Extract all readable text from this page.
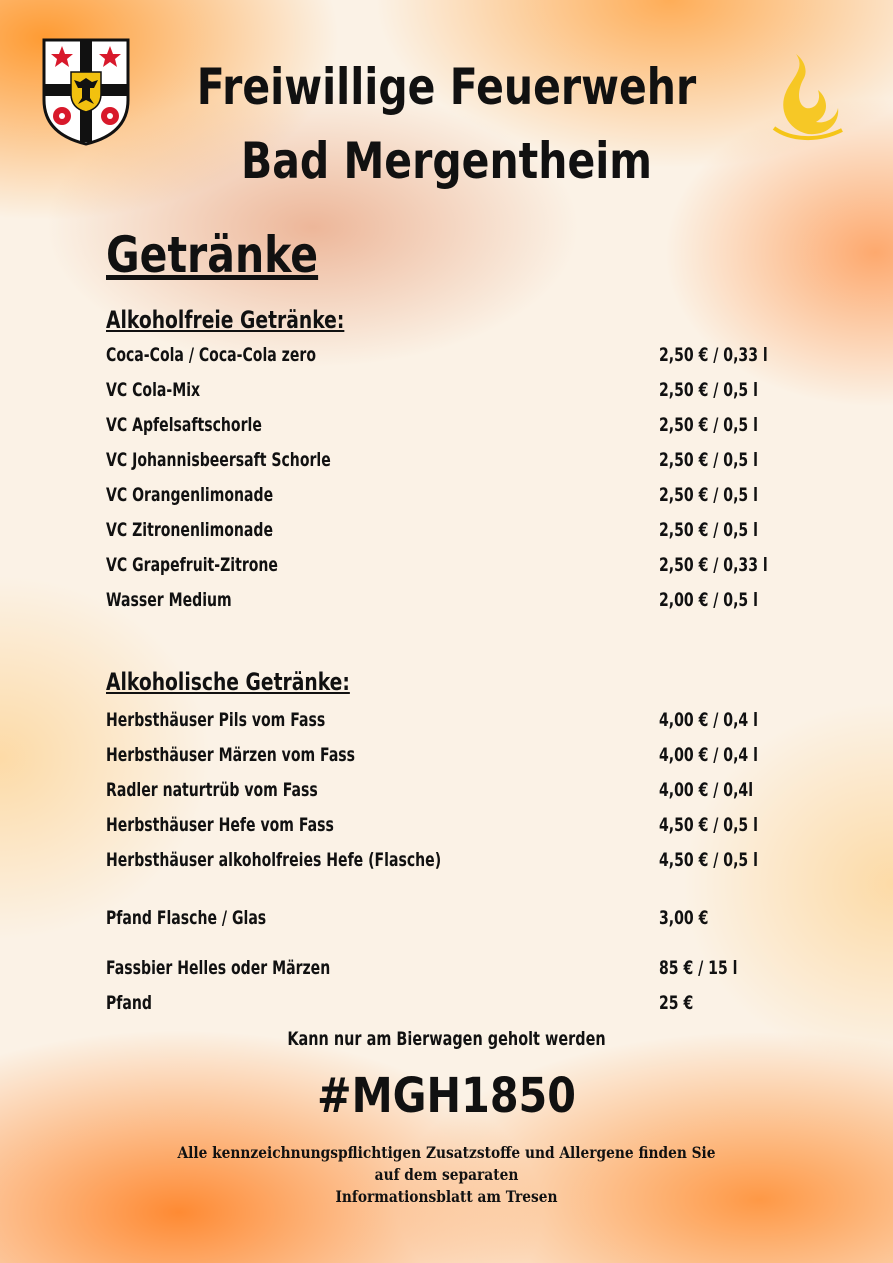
Freiwillige Feuerwehr
Bad Mergentheim
Getränke
Alkoholfreie Getränke:
Coca-Cola / Coca-Cola zero	2,50 € / 0,33 l
VC Cola-Mix	2,50 € / 0,5 l
VC Apfelsaftschorle	2,50 € / 0,5 l
VC Johannisbeersaft Schorle	2,50 € / 0,5 l
VC Orangenlimonade	2,50 € / 0,5 l
VC Zitronenlimonade	2,50 € / 0,5 l
VC Grapefruit-Zitrone	2,50 € / 0,33 l
Wasser Medium	2,00 € / 0,5 l
Alkoholische Getränke:
Herbsthäuser Pils vom Fass	4,00 € / 0,4 l
Herbsthäuser Märzen vom Fass	4,00 € / 0,4 l
Radler naturtrüb vom Fass	4,00 € / 0,4l
Herbsthäuser Hefe vom Fass	4,50 € / 0,5 l
Herbsthäuser alkoholfreies Hefe (Flasche)	4,50 € / 0,5 l
Pfand Flasche / Glas	3,00 €
Fassbier Helles oder Märzen	85 € / 15 l
Pfand	25 €
Kann nur am Bierwagen geholt werden
#MGH1850
Alle kennzeichnungspflichtigen Zusatzstoffe und Allergene finden Sie auf dem separaten
Informationsblatt am Tresen
